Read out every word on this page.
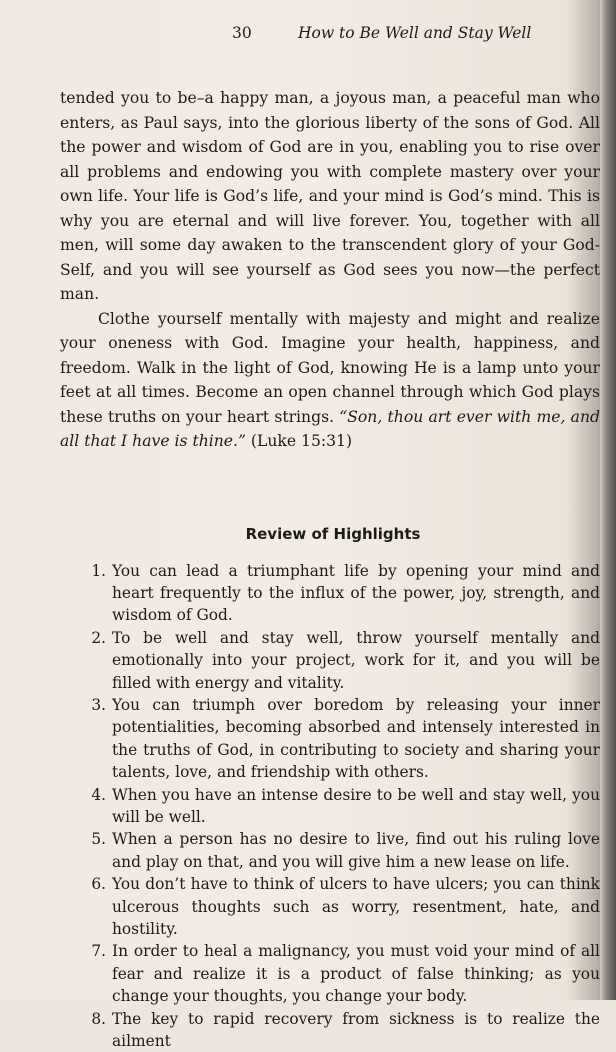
30	How to Be Well and Stay Well

tended you to be–a happy man, a joyous man, a peaceful man who enters, as Paul says, into the glorious liberty of the sons of God. All the power and wisdom of God are in you, enabling you to rise over all problems and endowing you with complete mastery over your own life. Your life is God’s life, and your mind is God’s mind. This is why you are eternal and will live forever. You, together with all men, will some day awaken to the transcendent glory of your God-Self, and you will see yourself as God sees you now—the perfect man.

Clothe yourself mentally with majesty and might and realize your oneness with God. Imagine your health, happiness, and freedom. Walk in the light of God, knowing He is a lamp unto your feet at all times. Become an open channel through which God plays these truths on your heart strings. “Son, thou art ever with me, and all that I have is thine.” (Luke 15:31)

Review of Highlights
1. You can lead a triumphant life by opening your mind and heart frequently to the influx of the power, joy, strength, and wisdom of God.
2. To be well and stay well, throw yourself mentally and emotionally into your project, work for it, and you will be filled with energy and vitality.
3. You can triumph over boredom by releasing your inner potentialities, becoming absorbed and intensely interested in the truths of God, in contributing to society and sharing your talents, love, and friendship with others.
4. When you have an intense desire to be well and stay well, you will be well.
5. When a person has no desire to live, find out his ruling love and play on that, and you will give him a new lease on life.
6. You don’t have to think of ulcers to have ulcers; you can think ulcerous thoughts such as worry, resentment, hate, and hostility.
7. In order to heal a malignancy, you must void your mind of all fear and realize it is a product of false thinking; as you change your thoughts, you change your body.
8. The key to rapid recovery from sickness is to realize the ailment
